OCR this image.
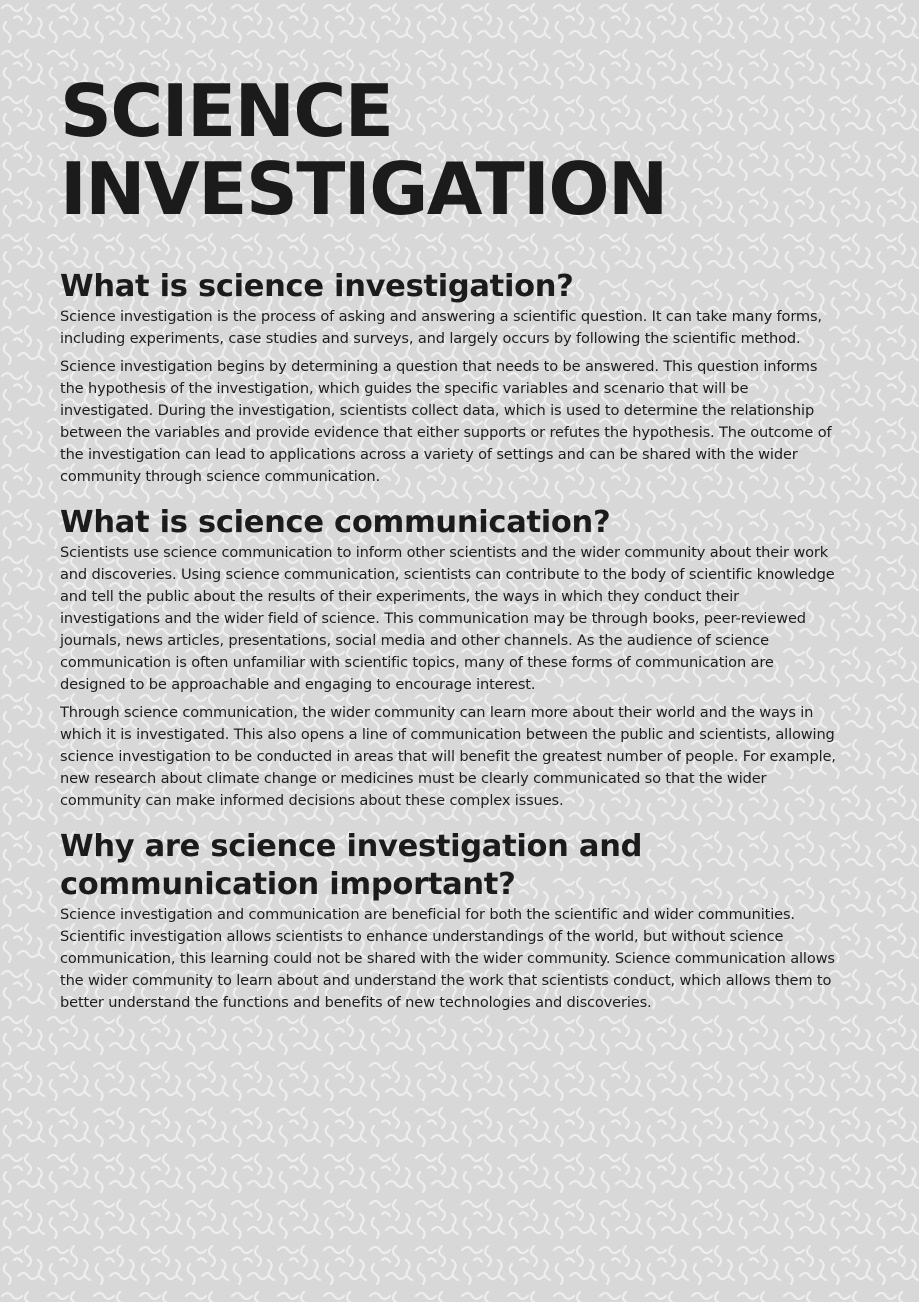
SCIENCE
INVESTIGATION
What is science investigation?

Science investigation is the process of asking and answering a scientific question. It can take many forms, including experiments, case studies and surveys, and largely occurs by following the scientific method.

Science investigation begins by determining a question that needs to be answered. This question informs the hypothesis of the investigation, which guides the specific variables and scenario that will be investigated. During the investigation, scientists collect data, which is used to determine the relationship between the variables and provide evidence that either supports or refutes the hypothesis. The outcome of the investigation can lead to applications across a variety of settings and can be shared with the wider community through science communication.

What is science communication?

Scientists use science communication to inform other scientists and the wider community about their work and discoveries. Using science communication, scientists can contribute to the body of scientific knowledge and tell the public about the results of their experiments, the ways in which they conduct their investigations and the wider field of science. This communication may be through books, peer-reviewed journals, news articles, presentations, social media and other channels. As the audience of science communication is often unfamiliar with scientific topics, many of these forms of communication are designed to be approachable and engaging to encourage interest.

Through science communication, the wider community can learn more about their world and the ways in which it is investigated. This also opens a line of communication between the public and scientists, allowing science investigation to be conducted in areas that will benefit the greatest number of people. For example, new research about climate change or medicines must be clearly communicated so that the wider community can make informed decisions about these complex issues.

Why are science investigation and
communication important?

Science investigation and communication are beneficial for both the scientific and wider communities. Scientific investigation allows scientists to enhance understandings of the world, but without science communication, this learning could not be shared with the wider community. Science communication allows the wider community to learn about and understand the work that scientists conduct, which allows them to better understand the functions and benefits of new technologies and discoveries.
